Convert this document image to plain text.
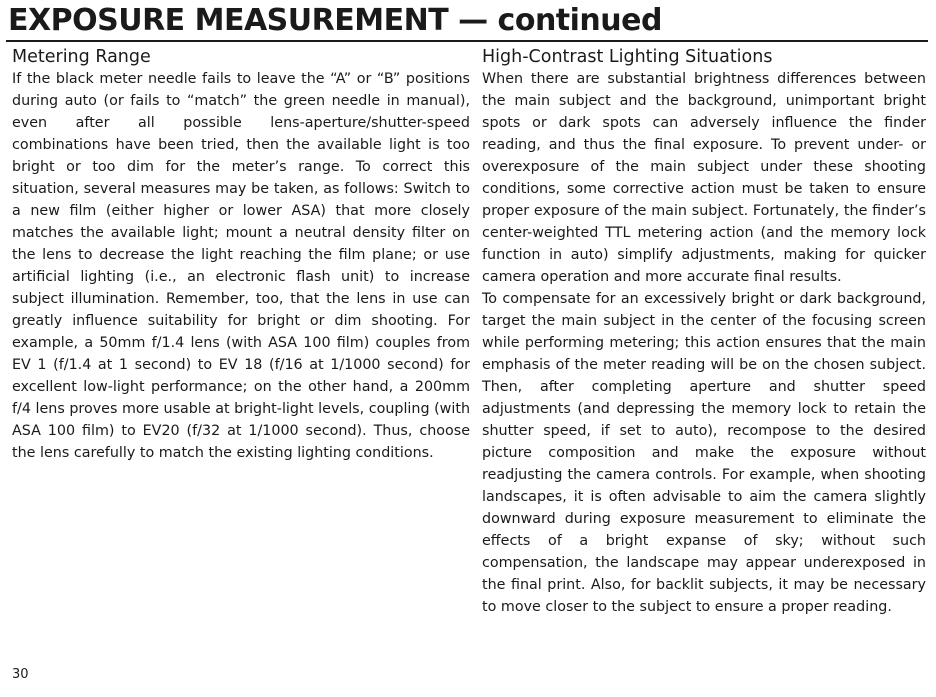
EXPOSURE MEASUREMENT — continued
Metering Range

If the black meter needle fails to leave the “A” or “B” positions during auto (or fails to “match” the green needle in manual), even after all possible lens-aperture/shutter-speed combinations have been tried, then the available light is too bright or too dim for the meter’s range. To correct this situation, several measures may be taken, as follows: Switch to a new film (either higher or lower ASA) that more closely matches the available light; mount a neutral density filter on the lens to decrease the light reaching the film plane; or use artificial lighting (i.e., an electronic flash unit) to increase subject illumination. Remember, too, that the lens in use can greatly influence suitability for bright or dim shooting. For example, a 50mm f/1.4 lens (with ASA 100 film) couples from EV 1 (f/1.4 at 1 second) to EV 18 (f/16 at 1/1000 second) for excellent low-light performance; on the other hand, a 200mm f/4 lens proves more usable at bright-light levels, coupling (with ASA 100 film) to EV20 (f/32 at 1/1000 second). Thus, choose the lens carefully to match the existing lighting conditions.

High-Contrast Lighting Situations

When there are substantial brightness differences between the main subject and the background, unimportant bright spots or dark spots can adversely influence the finder reading, and thus the final exposure. To prevent under- or overexposure of the main subject under these shooting conditions, some corrective action must be taken to ensure proper exposure of the main subject. Fortunately, the finder’s center-weighted TTL metering action (and the memory lock function in auto) simplify adjustments, making for quicker camera operation and more accurate final results.

To compensate for an excessively bright or dark background, target the main subject in the center of the focusing screen while performing metering; this action ensures that the main emphasis of the meter reading will be on the chosen subject. Then, after completing aperture and shutter speed adjustments (and depressing the memory lock to retain the shutter speed, if set to auto), recompose to the desired picture composition and make the exposure without readjusting the camera controls. For example, when shooting landscapes, it is often advisable to aim the camera slightly downward during exposure measurement to eliminate the effects of a bright expanse of sky; without such compensation, the landscape may appear underexposed in the final print. Also, for backlit subjects, it may be necessary to move closer to the subject to ensure a proper reading.

30
